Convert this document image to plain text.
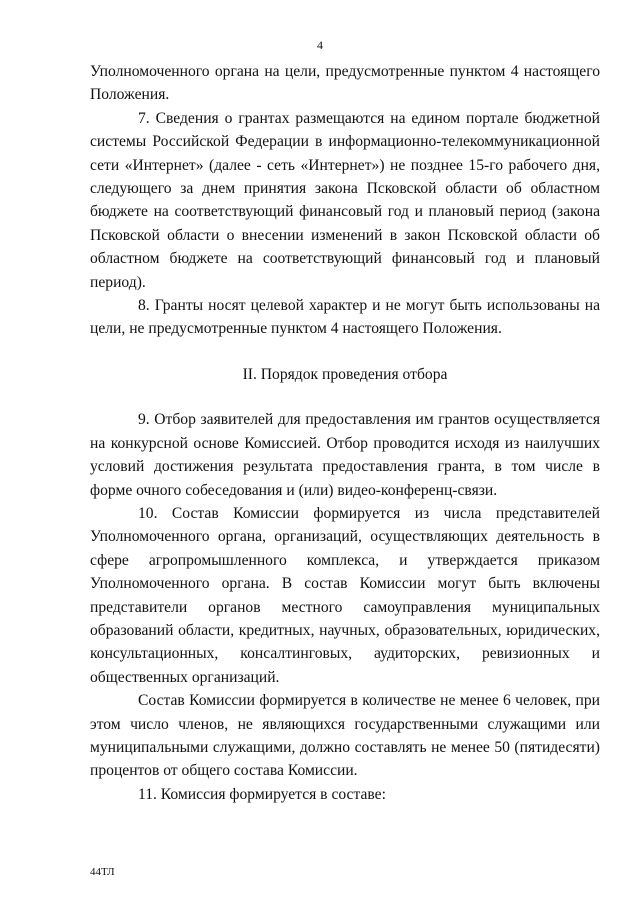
4

Уполномоченного органа на цели, предусмотренные пунктом 4 настоящего Положения.

7. Сведения о грантах размещаются на едином портале бюджетной системы Российской Федерации в информационно-телекоммуникационной сети «Интернет» (далее - сеть «Интернет») не позднее 15-го рабочего дня, следующего за днем принятия закона Псковской области об областном бюджете на соответствующий финансовый год и плановый период (закона Псковской области о внесении изменений в закон Псковской области об областном бюджете на соответствующий финансовый год и плановый период).

8. Гранты носят целевой характер и не могут быть использованы на цели, не предусмотренные пунктом 4 настоящего Положения.

II. Порядок проведения отбора

9. Отбор заявителей для предоставления им грантов осуществляется на конкурсной основе Комиссией. Отбор проводится исходя из наилучших условий достижения результата предоставления гранта, в том числе в форме очного собеседования и (или) видео-конференц-связи.

10. Состав Комиссии формируется из числа представителей Уполномоченного органа, организаций, осуществляющих деятельность в сфере агропромышленного комплекса, и утверждается приказом Уполномоченного органа. В состав Комиссии могут быть включены представители органов местного самоуправления муниципальных образований области, кредитных, научных, образовательных, юридических, консультационных, консалтинговых, аудиторских, ревизионных и общественных организаций.

Состав Комиссии формируется в количестве не менее 6 человек, при этом число членов, не являющихся государственными служащими или муниципальными служащими, должно составлять не менее 50 (пятидесяти) процентов от общего состава Комиссии.

11. Комиссия формируется в составе:

44ТЛ
